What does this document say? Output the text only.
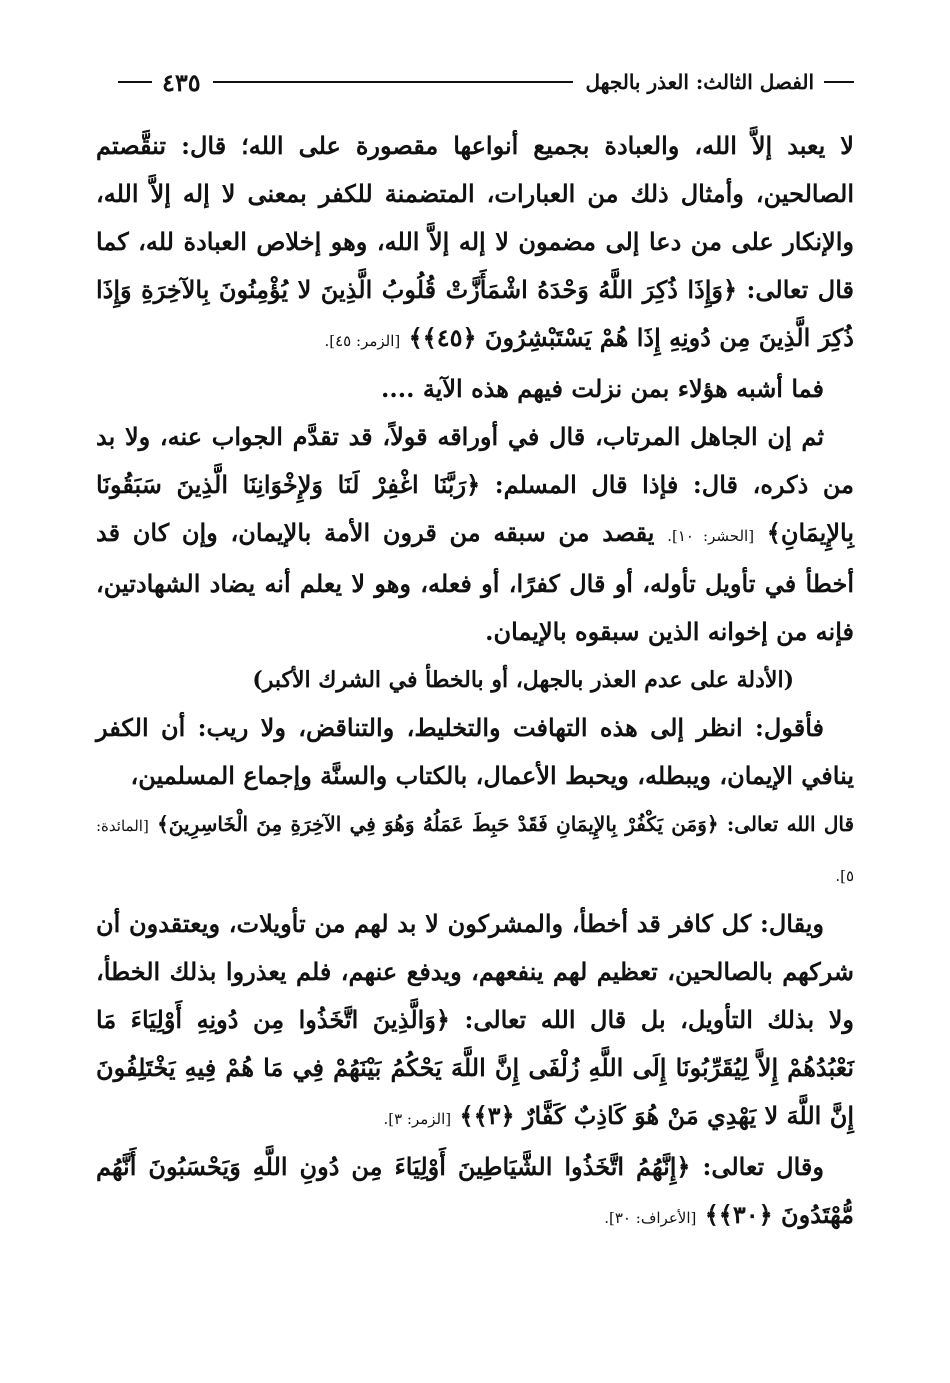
٤٣٥	الفصل الثالث: العذر بالجهل

لا يعبد إلاَّ الله، والعبادة بجميع أنواعها مقصورة على الله؛ قال: تنقَّصتم الصالحين، وأمثال ذلك من العبارات، المتضمنة للكفر بمعنى لا إله إلاَّ الله، والإنكار على من دعا إلى مضمون لا إله إلاَّ الله، وهو إخلاص العبادة لله، كما قال تعالى: ﴿وَإِذَا ذُكِرَ اللَّهُ وَحْدَهُ اشْمَأَزَّتْ قُلُوبُ الَّذِينَ لا يُؤْمِنُونَ بِالآخِرَةِ وَإِذَا ذُكِرَ الَّذِينَ مِن دُونِهِ إِذَا هُمْ يَسْتَبْشِرُونَ ﴿٤٥﴾﴾ [الزمر: ٤٥].

فما أشبه هؤلاء بمن نزلت فيهم هذه الآية ....

ثم إن الجاهل المرتاب، قال في أوراقه قولاً، قد تقدَّم الجواب عنه، ولا بد من ذكره، قال: فإذا قال المسلم: ﴿رَبَّنَا اغْفِرْ لَنَا وَلإِخْوَانِنَا الَّذِينَ سَبَقُونَا بِالإِيمَانِ﴾ [الحشر: ١٠]. يقصد من سبقه من قرون الأمة بالإيمان، وإن كان قد أخطأ في تأويل تأوله، أو قال كفرًا، أو فعله، وهو لا يعلم أنه يضاد الشهادتين، فإنه من إخوانه الذين سبقوه بالإيمان.

(الأدلة على عدم العذر بالجهل، أو بالخطأ في الشرك الأكبر)

فأقول: انظر إلى هذه التهافت والتخليط، والتناقض، ولا ريب: أن الكفر ينافي الإيمان، ويبطله، ويحبط الأعمال، بالكتاب والسنَّة وإجماع المسلمين،

قال الله تعالى: ﴿وَمَن يَكْفُرْ بِالإِيمَانِ فَقَدْ حَبِطَ عَمَلُهُ وَهُوَ فِي الآخِرَةِ مِنَ الْخَاسِرِينَ﴾ [المائدة: ٥].

ويقال: كل كافر قد أخطأ، والمشركون لا بد لهم من تأويلات، ويعتقدون أن شركهم بالصالحين، تعظيم لهم ينفعهم، ويدفع عنهم، فلم يعذروا بذلك الخطأ، ولا بذلك التأويل، بل قال الله تعالى: ﴿وَالَّذِينَ اتَّخَذُوا مِن دُونِهِ أَوْلِيَاءَ مَا نَعْبُدُهُمْ إِلاَّ لِيُقَرِّبُونَا إِلَى اللَّهِ زُلْفَى إِنَّ اللَّهَ يَحْكُمُ بَيْنَهُمْ فِي مَا هُمْ فِيهِ يَخْتَلِفُونَ إِنَّ اللَّهَ لا يَهْدِي مَنْ هُوَ كَاذِبٌ كَفَّارٌ ﴿٣﴾﴾ [الزمر: ٣].

وقال تعالى: ﴿إِنَّهُمُ اتَّخَذُوا الشَّيَاطِينَ أَوْلِيَاءَ مِن دُونِ اللَّهِ وَيَحْسَبُونَ أَنَّهُم مُّهْتَدُونَ ﴿٣٠﴾﴾ [الأعراف: ٣٠].
